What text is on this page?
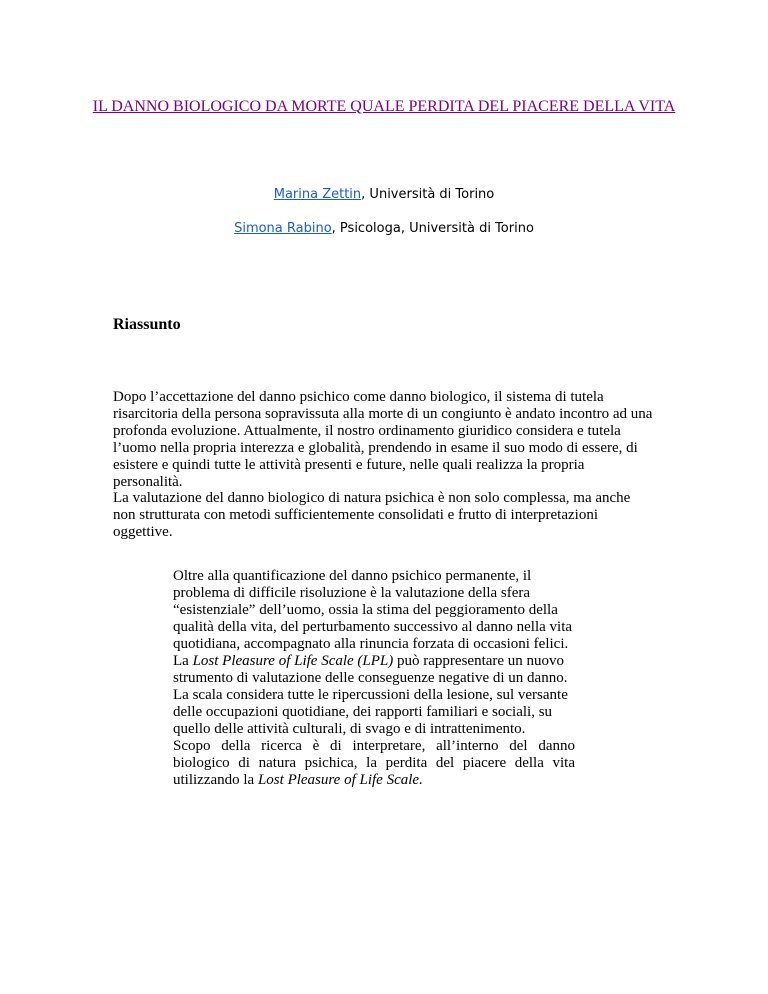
IL DANNO BIOLOGICO DA MORTE QUALE PERDITA DEL PIACERE DELLA VITA

Marina Zettin, Università di Torino

Simona Rabino, Psicologa, Università di Torino

Riassunto

Dopo l’accettazione del danno psichico come danno biologico, il sistema di tutela risarcitoria della persona sopravissuta alla morte di un congiunto è andato incontro ad una profonda evoluzione. Attualmente, il nostro ordinamento giuridico considera e tutela l’uomo nella propria interezza e globalità, prendendo in esame il suo modo di essere, di esistere e quindi tutte le attività presenti e future, nelle quali realizza la propria personalità.

La valutazione del danno biologico di natura psichica è non solo complessa, ma anche non strutturata con metodi sufficientemente consolidati e frutto di interpretazioni oggettive.

Oltre alla quantificazione del danno psichico permanente, il problema di difficile risoluzione è la valutazione della sfera “esistenziale” dell’uomo, ossia la stima del peggioramento della qualità della vita, del perturbamento successivo al danno nella vita quotidiana, accompagnato alla rinuncia forzata di occasioni felici.
La Lost Pleasure of Life Scale (LPL) può rappresentare un nuovo strumento di valutazione delle conseguenze negative di un danno. La scala considera tutte le ripercussioni della lesione, sul versante delle occupazioni quotidiane, dei rapporti familiari e sociali, su quello delle attività culturali, di svago e di intrattenimento.
Scopo della ricerca è di interpretare, all’interno del danno biologico di natura psichica, la perdita del piacere della vita utilizzando la Lost Pleasure of Life Scale.
